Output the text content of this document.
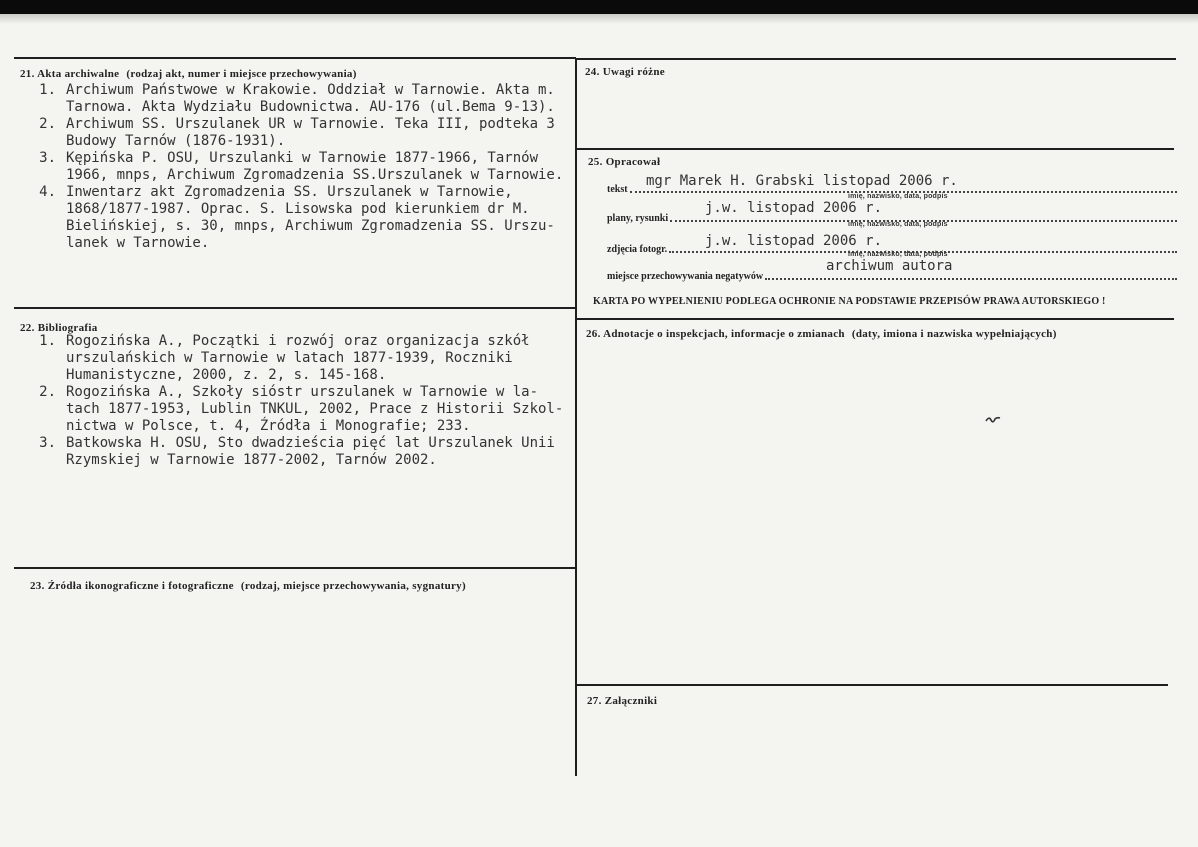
21. Akta archiwalne (rodzaj akt, numer i miejsce przechowywania)
1. Archiwum Państwowe w Krakowie. Oddział w Tarnowie. Akta m.
Tarnowa. Akta Wydziału Budownictwa. AU-176 (ul.Bema 9-13).
2. Archiwum SS. Urszulanek UR w Tarnowie. Teka III, podteka 3
Budowy Tarnów (1876-1931).
3. Kępińska P. OSU, Urszulanki w Tarnowie 1877-1966, Tarnów
1966, mnps, Archiwum Zgromadzenia SS.Urszulanek w Tarnowie.
4. Inwentarz akt Zgromadzenia SS. Urszulanek w Tarnowie,
1868/1877-1987. Oprac. S. Lisowska pod kierunkiem dr M.
Bielińskiej, s. 30, mnps, Archiwum Zgromadzenia SS. Urszu-
lanek w Tarnowie.
22. Bibliografia
1. Rogozińska A., Początki i rozwój oraz organizacja szkół
urszulańskich w Tarnowie w latach 1877-1939, Roczniki
Humanistyczne, 2000, z. 2, s. 145-168.
2. Rogozińska A., Szkoły sióstr urszulanek w Tarnowie w la-
tach 1877-1953, Lublin TNKUL, 2002, Prace z Historii Szkol-
nictwa w Polsce, t. 4, Źródła i Monografie; 233.
3. Batkowska H. OSU, Sto dwadzieścia pięć lat Urszulanek Unii
Rzymskiej w Tarnowie 1877-2002, Tarnów 2002.
23. Źródła ikonograficzne i fotograficzne (rodzaj, miejsce przechowywania, sygnatury)
24. Uwagi różne
25. Opracował
mgr Marek H. Grabski listopad 2006 r.
tekst
imię, nazwisko, data, podpis
j.w. listopad 2006 r.
plany, rysunki
imię, nazwisko, data, podpis
j.w. listopad 2006 r.
zdjęcia fotogr.	imię, nazwisko, data, podpis
archiwum autora
miejsce przechowywania negatywów
KARTA PO WYPEŁNIENIU PODLEGA OCHRONIE NA PODSTAWIE PRZEPISÓW PRAWA AUTORSKIEGO !
26. Adnotacje o inspekcjach, informacje o zmianach (daty, imiona i nazwiska wypełniających)
27. Załączniki
